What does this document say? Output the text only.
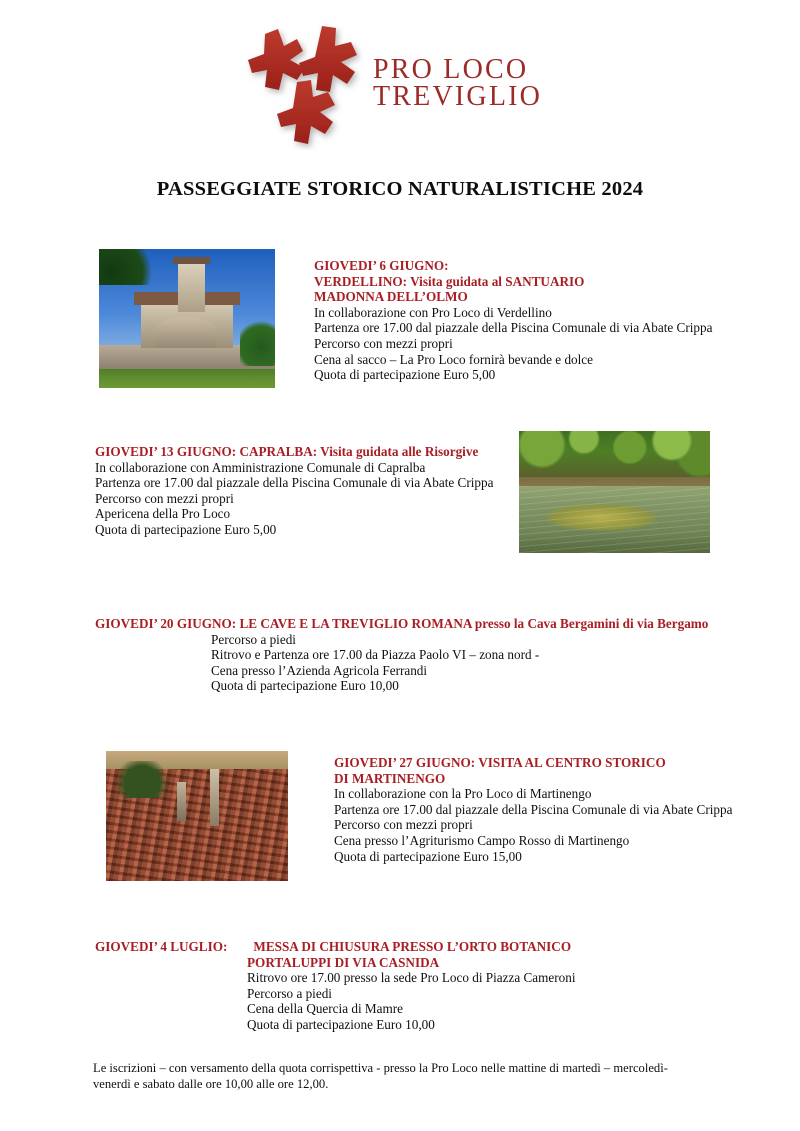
PRO LOCO
TREVIGLIO
PASSEGGIATE STORICO NATURALISTICHE 2024
GIOVEDI’ 6 GIUGNO:
VERDELLINO: Visita guidata al SANTUARIO
MADONNA DELL’OLMO
In collaborazione con Pro Loco di Verdellino
Partenza ore 17.00 dal piazzale della Piscina Comunale di via Abate Crippa
Percorso con mezzi propri
Cena al sacco – La Pro Loco fornirà bevande e dolce
Quota di partecipazione Euro 5,00
GIOVEDI’ 13 GIUGNO: CAPRALBA: Visita guidata alle Risorgive
In collaborazione con Amministrazione Comunale di Capralba
Partenza ore 17.00 dal piazzale della Piscina Comunale di via Abate Crippa
Percorso con mezzi propri
Apericena della Pro Loco
Quota di partecipazione Euro 5,00
GIOVEDI’ 20 GIUGNO: LE CAVE E LA TREVIGLIO ROMANA presso la Cava Bergamini di via Bergamo
Percorso a piedi
Ritrovo e Partenza ore 17.00 da Piazza Paolo VI – zona nord -
Cena presso l’Azienda Agricola Ferrandi
Quota di partecipazione Euro 10,00
GIOVEDI’ 27 GIUGNO: VISITA AL CENTRO STORICO
DI MARTINENGO
In collaborazione con la Pro Loco di Martinengo
Partenza ore 17.00 dal piazzale della Piscina Comunale di via Abate Crippa
Percorso con mezzi propri
Cena presso l’Agriturismo Campo Rosso di Martinengo
Quota di partecipazione Euro 15,00
GIOVEDI’ 4 LUGLIO: MESSA DI CHIUSURA PRESSO L’ORTO BOTANICO
PORTALUPPI DI VIA CASNIDA
Ritrovo ore 17.00 presso la sede Pro Loco di Piazza Cameroni
Percorso a piedi
Cena della Quercia di Mamre
Quota di partecipazione Euro 10,00
Le iscrizioni – con versamento della quota corrispettiva - presso la Pro Loco nelle mattine di martedì – mercoledì-
venerdì e sabato dalle ore 10,00 alle ore 12,00.
